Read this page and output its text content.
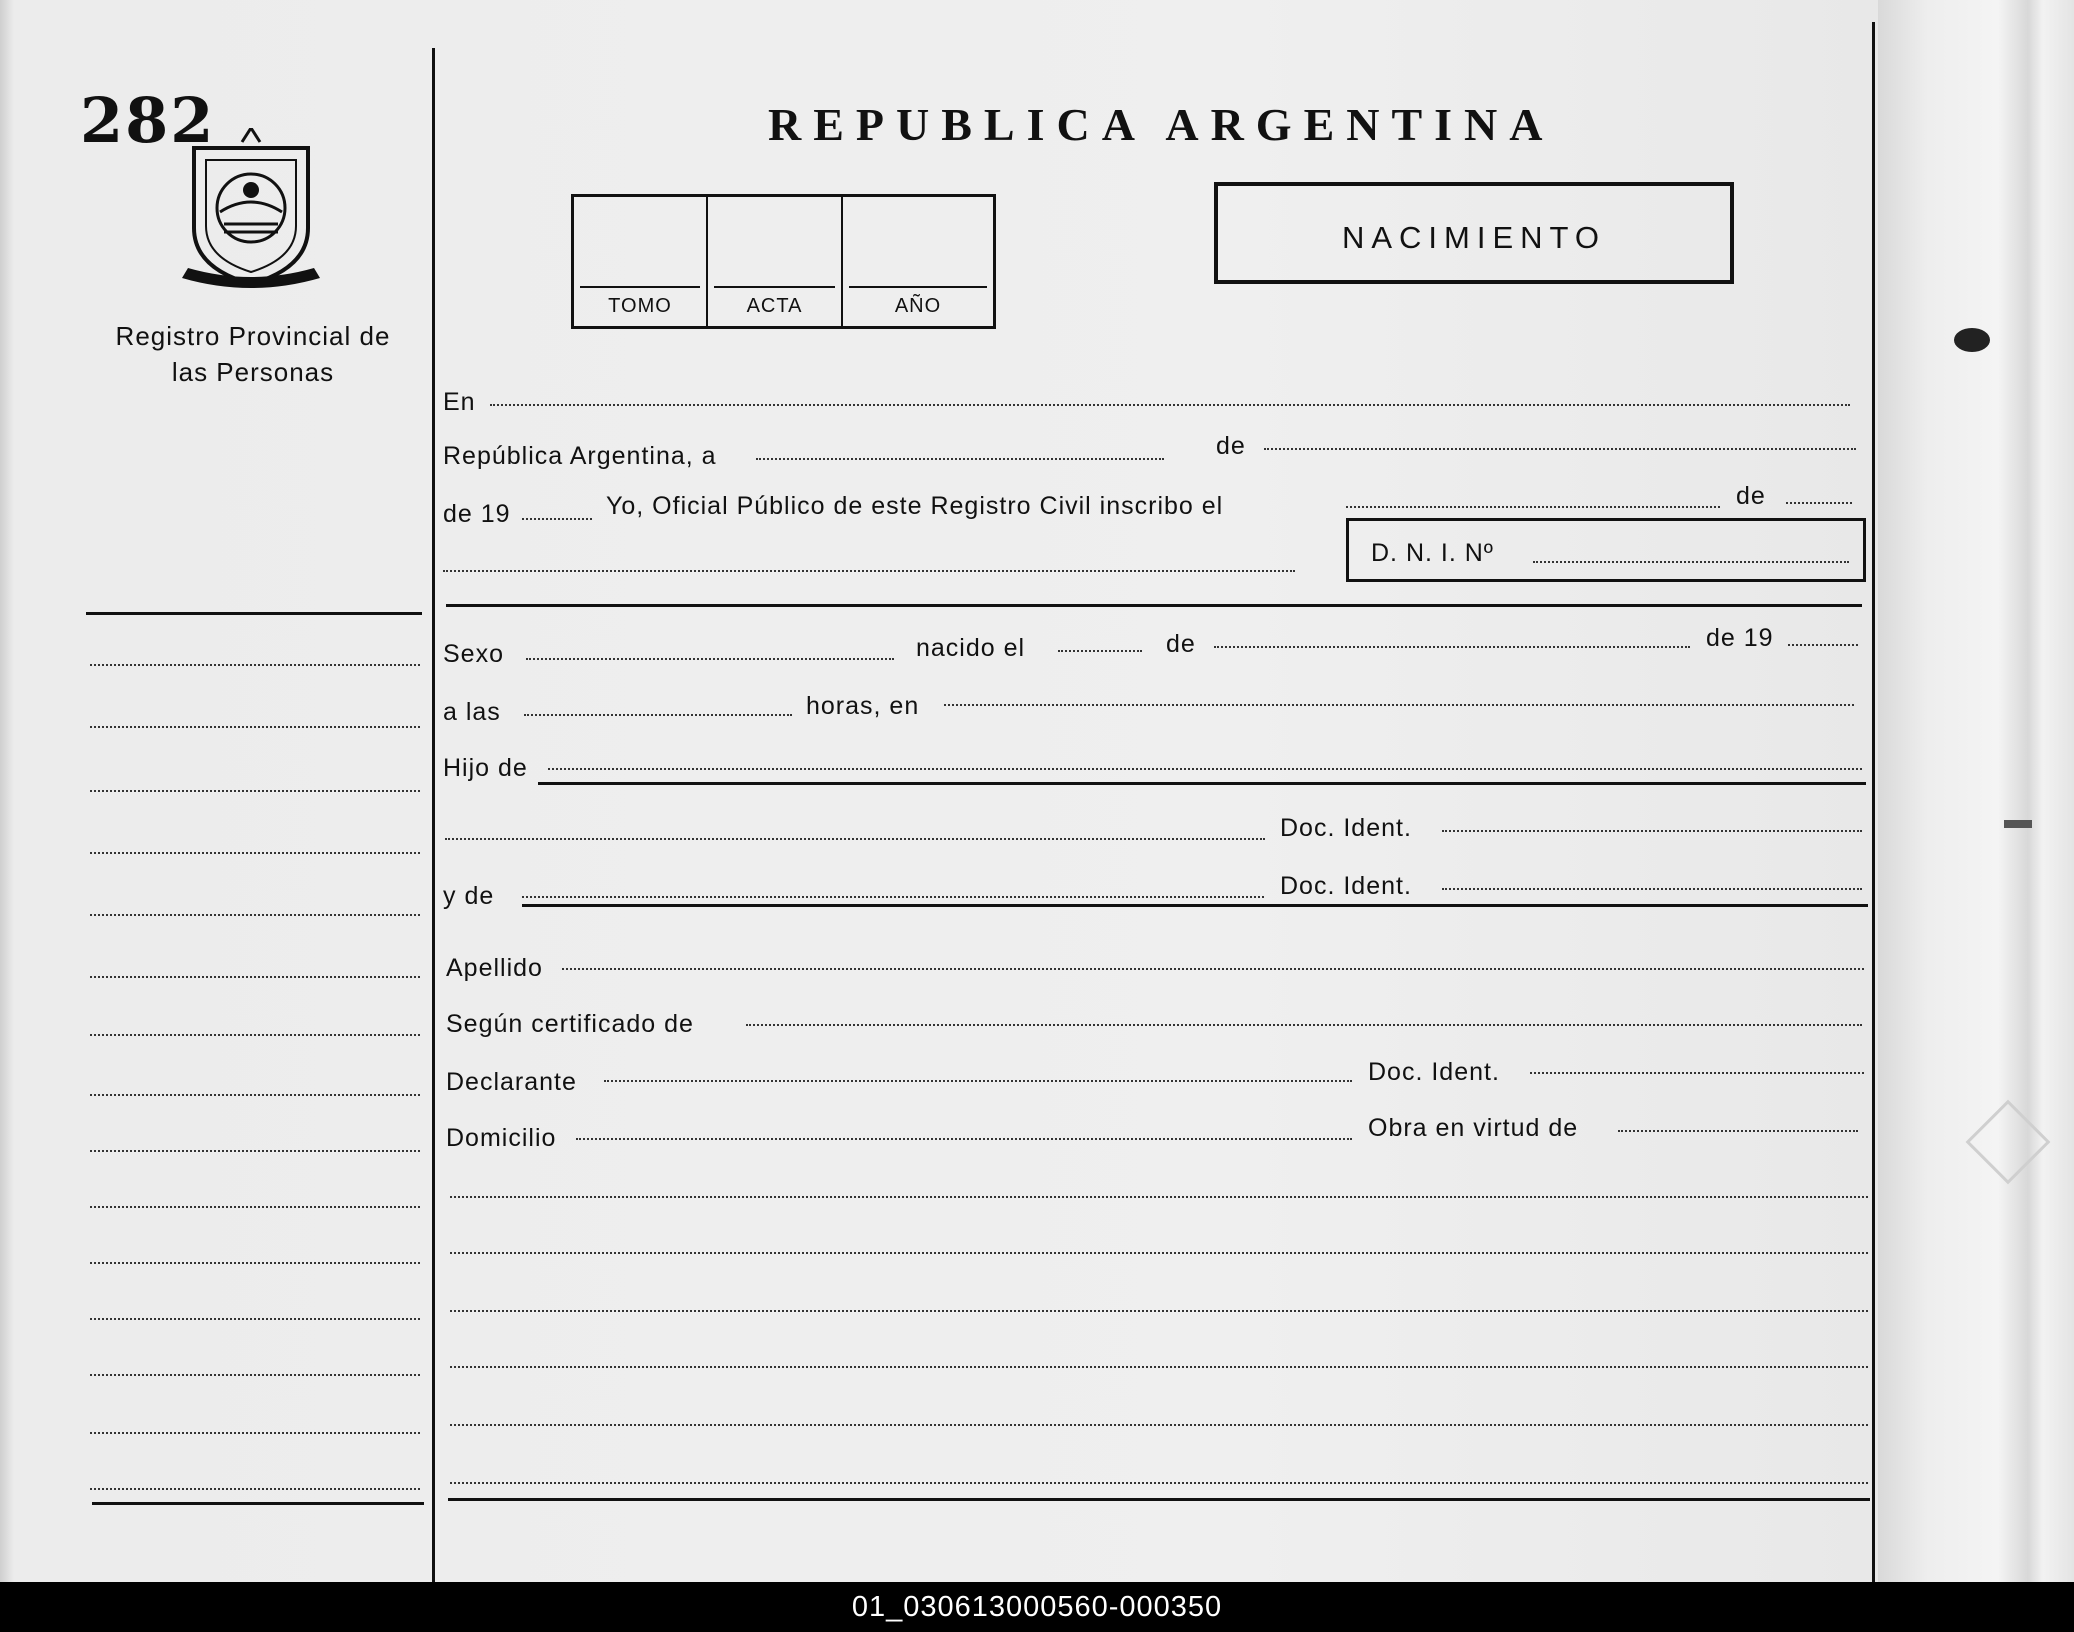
282
Registro Provincial de las Personas
REPUBLICA ARGENTINA
TOMO	ACTA	AÑO
NACIMIENTO
En
República Argentina, a	de
de 19	Yo, Oficial Público de este Registro Civil inscribo el	de
D. N. I. Nº
Sexo	nacido el	de	de 19
a las	horas, en
Hijo de
Doc. Ident.
y de	Doc. Ident.
Apellido
Según certificado de
Declarante	Doc. Ident.
Domicilio	Obra en virtud de
01_030613000560-000350
